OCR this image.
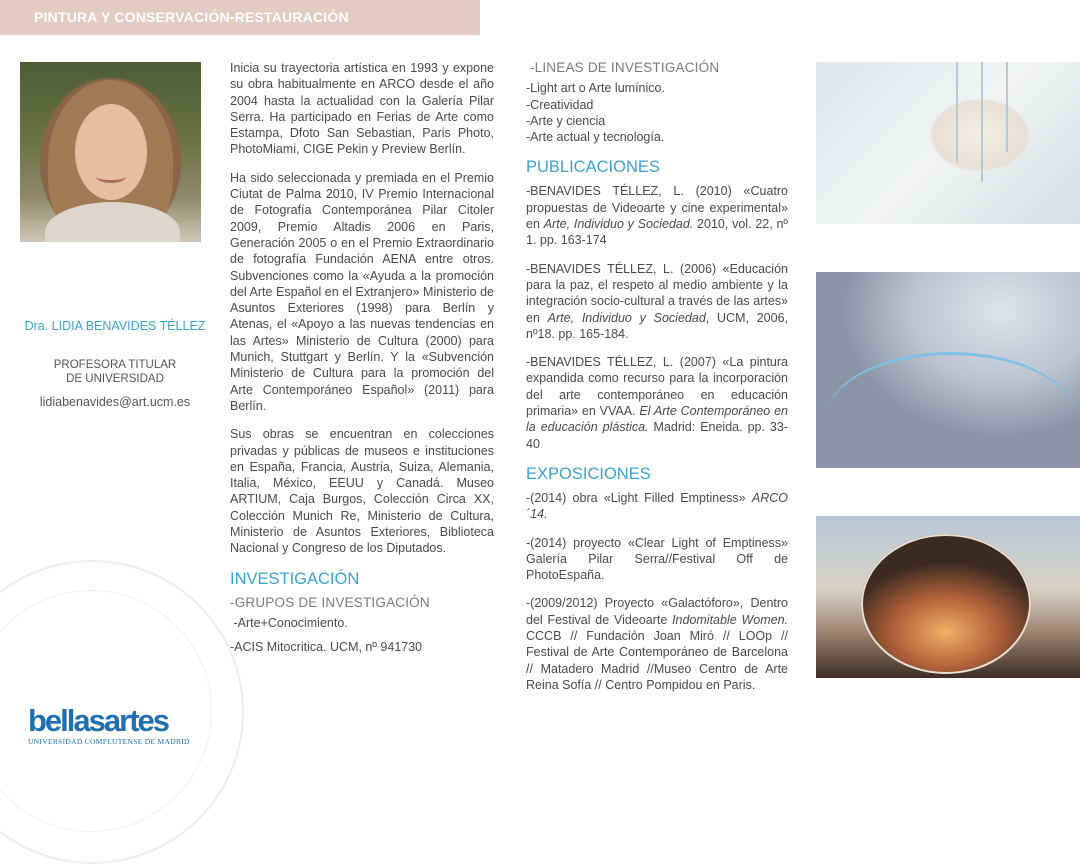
PINTURA Y CONSERVACIÓN-RESTAURACIÓN
Dra. LIDIA BENAVIDES TÉLLEZ
PROFESORA TITULAR
DE UNIVERSIDAD
lidiabenavides@art.ucm.es
bellasartes
UNIVERSIDAD COMPLUTENSE DE MADRID

Inicia su trayectoria artística en 1993 y expone su obra habitualmente en ARCO desde el año 2004 hasta la actualidad con la Galería Pilar Serra. Ha participado en Ferias de Arte como Estampa, Dfoto San Sebastian, Paris Photo, PhotoMiami, CIGE Pekin y Preview Berlín.

Ha sido seleccionada y premiada en el Premio Ciutat de Palma 2010, IV Premio Internacional de Fotografía Contemporánea Pilar Citoler 2009, Premio Altadis 2006 en Paris, Generación 2005 o en el Premio Extraordinario de fotografía Fundación AENA entre otros. Subvenciones como la «Ayuda a la promoción del Arte Español en el Extranjero» Ministerio de Asuntos Exteriores (1998) para Berlín y Atenas, el «Apoyo a las nuevas tendencias en las Artes» Ministerio de Cultura (2000) para Munich, Stuttgart y Berlín. Y la «Subvención Ministerio de Cultura para la promoción del Arte Contemporáneo Español» (2011) para Berlín.

Sus obras se encuentran en colecciones privadas y públicas de museos e instituciones en España, Francia, Austria, Suiza, Alemania, Italia, México, EEUU y Canadá. Museo ARTIUM, Caja Burgos, Colección Circa XX, Colección Munich Re, Ministerio de Cultura, Ministerio de Asuntos Exteriores, Biblioteca Nacional y Congreso de los Diputados.

INVESTIGACIÓN
-GRUPOS DE INVESTIGACIÓN
-Arte+Conocimiento.
-ACIS Mitocritica. UCM, nº 941730
-LINEAS DE INVESTIGACIÓN
-Light art o Arte lumínico.
-Creatividad
-Arte y ciencia
-Arte actual y tecnología.
PUBLICACIONES

-BENAVIDES TÉLLEZ, L. (2010) «Cuatro propuestas de Videoarte y cine experimental» en Arte, Individuo y Sociedad. 2010, vol. 22, nº 1. pp. 163-174

-BENAVIDES TÉLLEZ, L. (2006) «Educación para la paz, el respeto al medio ambiente y la integración socio-cultural a través de las artes» en Arte, Individuo y Sociedad, UCM, 2006, nº18. pp. 165-184.

-BENAVIDES TÉLLEZ, L. (2007) «La pintura expandida como recurso para la incorporación del arte contemporáneo en educación primaria» en VVAA. El Arte Contemporáneo en la educación plástica. Madrid: Eneida. pp. 33-40

EXPOSICIONES

-(2014) obra «Light Filled Emptiness» ARCO´14.

-(2014) proyecto «Clear Light of Emptiness» Galería Pilar Serra//Festival Off de PhotoEspaña.

-(2009/2012) Proyecto «Galactóforo», Dentro del Festival de Videoarte Indomitable Women. CCCB // Fundación Joan Miró // LOOp // Festival de Arte Contemporáneo de Barcelona // Matadero Madrid //Museo Centro de Arte Reina Sofía // Centro Pompidou en Paris.
